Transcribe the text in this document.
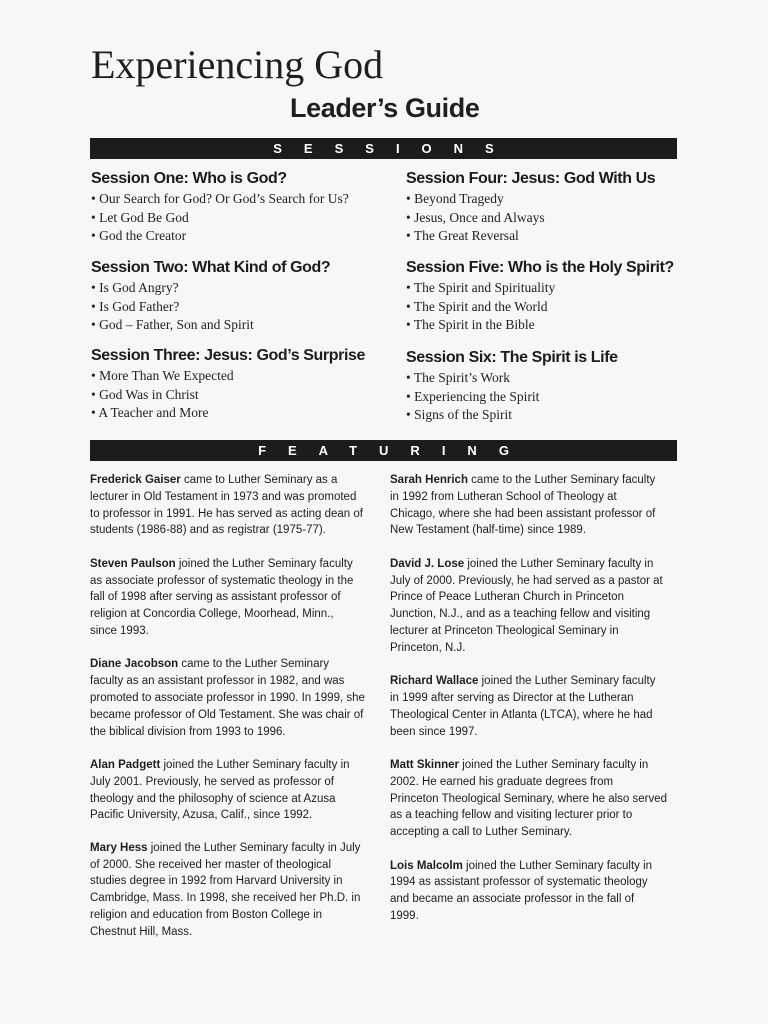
Experiencing God
Leader’s Guide
SESSIONS
Session One: Who is God?
• Our Search for God? Or God’s Search for Us?
• Let God Be God
• God the Creator
Session Two: What Kind of God?
• Is God Angry?
• Is God Father?
• God – Father, Son and Spirit
Session Three: Jesus: God’s Surprise
• More Than We Expected
• God Was in Christ
• A Teacher and More
Session Four: Jesus: God With Us
• Beyond Tragedy
• Jesus, Once and Always
• The Great Reversal
Session Five: Who is the Holy Spirit?
• The Spirit and Spirituality
• The Spirit and the World
• The Spirit in the Bible
Session Six: The Spirit is Life
• The Spirit’s Work
• Experiencing the Spirit
• Signs of the Spirit
FEATURING
Frederick Gaiser came to Luther Seminary as a
lecturer in Old Testament in 1973 and was promoted
to professor in 1991. He has served as acting dean of
students (1986-88) and as registrar (1975-77).
Steven Paulson joined the Luther Seminary faculty
as associate professor of systematic theology in the
fall of 1998 after serving as assistant professor of
religion at Concordia College, Moorhead, Minn.,
since 1993.
Diane Jacobson came to the Luther Seminary
faculty as an assistant professor in 1982, and was
promoted to associate professor in 1990. In 1999, she
became professor of Old Testament. She was chair of
the biblical division from 1993 to 1996.
Alan Padgett joined the Luther Seminary faculty in
July 2001. Previously, he served as professor of
theology and the philosophy of science at Azusa
Pacific University, Azusa, Calif., since 1992.
Mary Hess joined the Luther Seminary faculty in July
of 2000. She received her master of theological
studies degree in 1992 from Harvard University in
Cambridge, Mass. In 1998, she received her Ph.D. in
religion and education from Boston College in
Chestnut Hill, Mass.
Sarah Henrich came to the Luther Seminary faculty
in 1992 from Lutheran School of Theology at
Chicago, where she had been assistant professor of
New Testament (half-time) since 1989.
David J. Lose joined the Luther Seminary faculty in
July of 2000. Previously, he had served as a pastor at
Prince of Peace Lutheran Church in Princeton
Junction, N.J., and as a teaching fellow and visiting
lecturer at Princeton Theological Seminary in
Princeton, N.J.
Richard Wallace joined the Luther Seminary faculty
in 1999 after serving as Director at the Lutheran
Theological Center in Atlanta (LTCA), where he had
been since 1997.
Matt Skinner joined the Luther Seminary faculty in
2002. He earned his graduate degrees from
Princeton Theological Seminary, where he also served
as a teaching fellow and visiting lecturer prior to
accepting a call to Luther Seminary.
Lois Malcolm joined the Luther Seminary faculty in
1994 as assistant professor of systematic theology
and became an associate professor in the fall of
1999.
